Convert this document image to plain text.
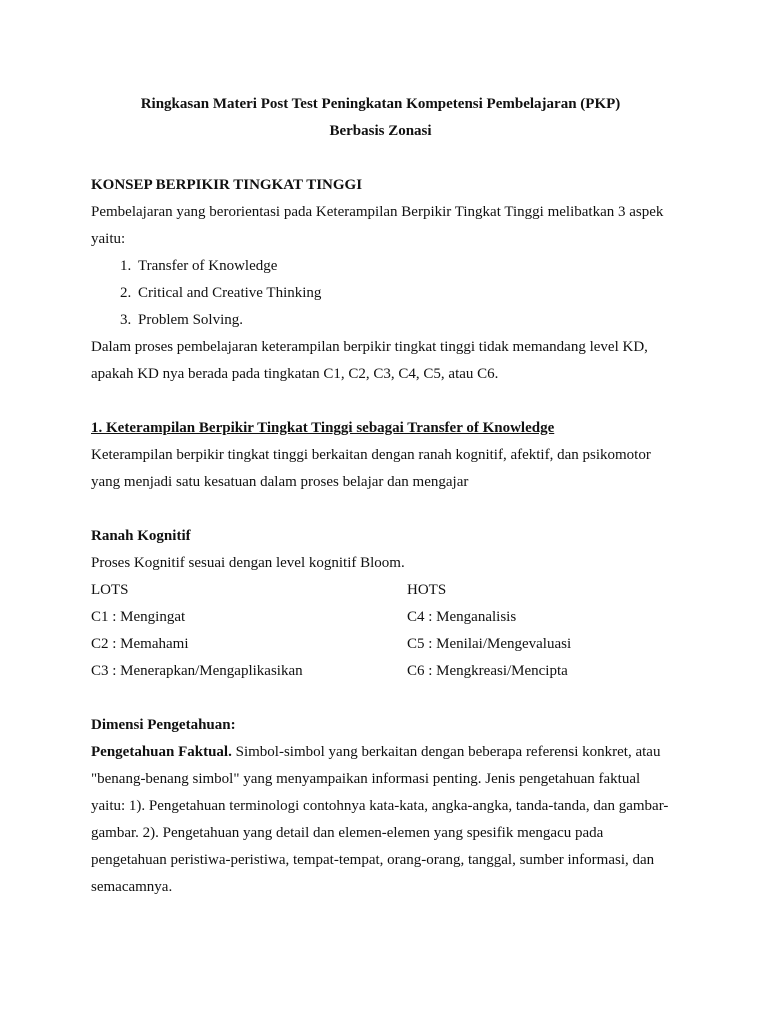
Ringkasan Materi Post Test Peningkatan Kompetensi Pembelajaran (PKP)

Berbasis Zonasi

KONSEP BERPIKIR TINGKAT TINGGI

Pembelajaran yang berorientasi pada Keterampilan Berpikir Tingkat Tinggi melibatkan 3 aspek yaitu:

1. Transfer of Knowledge
2. Critical and Creative Thinking
3. Problem Solving.

Dalam proses pembelajaran keterampilan berpikir tingkat tinggi tidak memandang level KD, apakah KD nya berada pada tingkatan C1, C2, C3, C4, C5, atau C6.

1. Keterampilan Berpikir Tingkat Tinggi sebagai Transfer of Knowledge

Keterampilan berpikir tingkat tinggi berkaitan dengan ranah kognitif, afektif, dan psikomotor yang menjadi satu kesatuan dalam proses belajar dan mengajar

Ranah Kognitif

Proses Kognitif sesuai dengan level kognitif Bloom.

LOTS	HOTS
C1 : Mengingat	C4 : Menganalisis
C2 : Memahami	C5 : Menilai/Mengevaluasi
C3 : Menerapkan/Mengaplikasikan	C6 : Mengkreasi/Mencipta

Dimensi Pengetahuan:

Pengetahuan Faktual. Simbol-simbol yang berkaitan dengan beberapa referensi konkret, atau "benang-benang simbol" yang menyampaikan informasi penting. Jenis pengetahuan faktual yaitu: 1). Pengetahuan terminologi contohnya kata-kata, angka-angka, tanda-tanda, dan gambar-gambar. 2). Pengetahuan yang detail dan elemen-elemen yang spesifik mengacu pada pengetahuan peristiwa-peristiwa, tempat-tempat, orang-orang, tanggal, sumber informasi, dan semacamnya.
